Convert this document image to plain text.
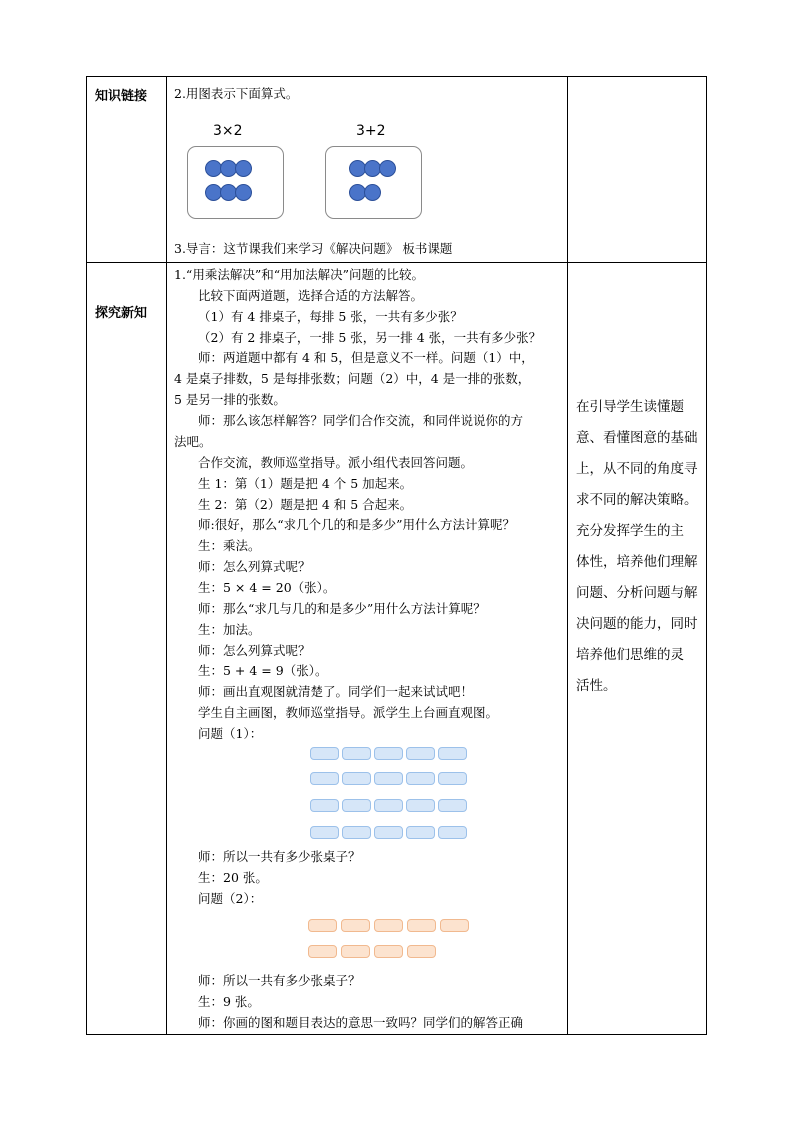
知识链接 2.用图表示下面算式。
3×2	3+2
3.导言：这节课我们来学习《解决问题》 板书课题
探究新知
1.“用乘法解决”和“用加法解决”问题的比较。
比较下面两道题，选择合适的方法解答。
（1）有 4 排桌子，每排 5 张，一共有多少张？
（2）有 2 排桌子，一排 5 张，另一排 4 张，一共有多少张？
师：两道题中都有 4 和 5，但是意义不一样。问题（1）中，
4 是桌子排数，5 是每排张数；问题（2）中，4 是一排的张数，
5 是另一排的张数。
师：那么该怎样解答？同学们合作交流，和同伴说说你的方
法吧。
合作交流，教师巡堂指导。派小组代表回答问题。
生 1：第（1）题是把 4 个 5 加起来。
生 2：第（2）题是把 4 和 5 合起来。
师:很好，那么“求几个几的和是多少”用什么方法计算呢？
生：乘法。
师：怎么列算式呢？
生：5 × 4 = 20（张）。
师：那么“求几与几的和是多少”用什么方法计算呢？
生：加法。
师：怎么列算式呢？
生：5 + 4 = 9（张）。
师：画出直观图就清楚了。同学们一起来试试吧！
学生自主画图，教师巡堂指导。派学生上台画直观图。
问题（1）：
师：所以一共有多少张桌子？
生：20 张。
问题（2）：
师：所以一共有多少张桌子？
生：9 张。
师：你画的图和题目表达的意思一致吗？同学们的解答正确
在引导学生读懂题
意、看懂图意的基础
上，从不同的角度寻
求不同的解决策略。
充分发挥学生的主
体性，培养他们理解
问题、分析问题与解
决问题的能力，同时
培养他们思维的灵
活性。
